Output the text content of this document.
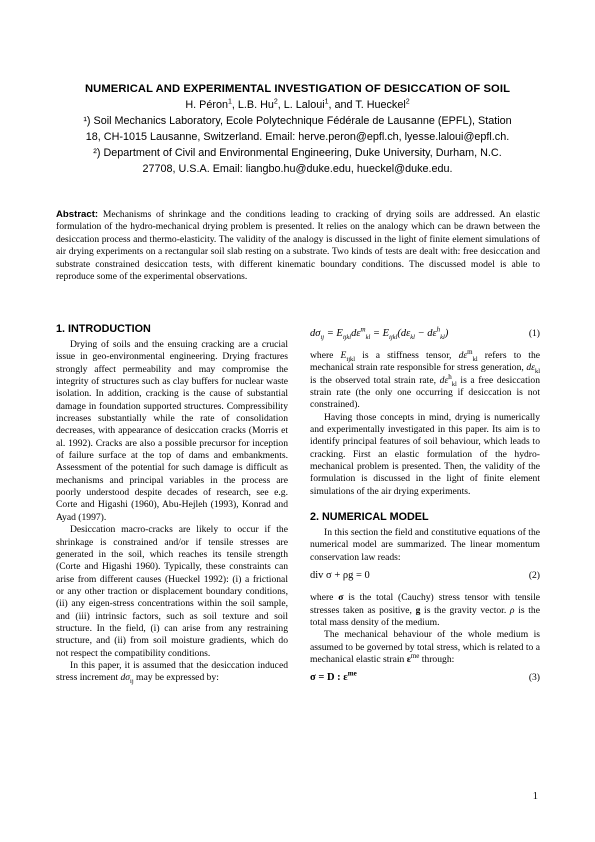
NUMERICAL AND EXPERIMENTAL INVESTIGATION OF DESICCATION OF SOIL
H. Péron$^1$, L.B. Hu$^2$, L. Laloui$^1$, and T. Hueckel$^2$
¹) Soil Mechanics Laboratory, Ecole Polytechnique Fédérale de Lausanne (EPFL), Station
18, CH-1015 Lausanne, Switzerland. Email: herve.peron@epfl.ch, lyesse.laloui@epfl.ch.
²) Department of Civil and Environmental Engineering, Duke University, Durham, N.C.
27708, U.S.A. Email: liangbo.hu@duke.edu, hueckel@duke.edu.
Abstract: Mechanisms of shrinkage and the conditions leading to cracking of drying soils are addressed. An elastic formulation of the hydro-mechanical drying problem is presented. It relies on the analogy which can be drawn between the desiccation process and thermo-elasticity. The validity of the analogy is discussed in the light of finite element simulations of air drying experiments on a rectangular soil slab resting on a substrate. Two kinds of tests are dealt with: free desiccation and substrate constrained desiccation tests, with different kinematic boundary conditions. The discussed model is able to reproduce some of the experimental observations.
1. INTRODUCTION

Drying of soils and the ensuing cracking are a crucial issue in geo-environmental engineering. Drying fractures strongly affect permeability and may compromise the integrity of structures such as clay buffers for nuclear waste isolation. In addition, cracking is the cause of substantial damage in foundation supported structures. Compressibility increases substantially while the rate of consolidation decreases, with appearance of desiccation cracks (Morris et al. 1992). Cracks are also a possible precursor for inception of failure surface at the top of dams and embankments. Assessment of the potential for such damage is difficult as mechanisms and principal variables in the process are poorly understood despite decades of research, see e.g. Corte and Higashi (1960), Abu-Hejleh (1993), Konrad and Ayad (1997).

Desiccation macro-cracks are likely to occur if the shrinkage is constrained and/or if tensile stresses are generated in the soil, which reaches its tensile strength (Corte and Higashi 1960). Typically, these constraints can arise from different causes (Hueckel 1992): (i) a frictional or any other traction or displacement boundary conditions, (ii) any eigen-stress concentrations within the soil sample, and (iii) intrinsic factors, such as soil texture and soil structure. In the field, (i) can arise from any restraining structure, and (ii) from soil moisture gradients, which do not respect the compatibility conditions.

In this paper, it is assumed that the desiccation induced stress increment $d\sigma_{ij}$ may be expressed by:

$d\sigma_{ij} = E_{ijkl}d\varepsilon^m_{kl} = E_{ijkl}(d\varepsilon_{kl} - d\varepsilon^h_{kl})$	(1)

where $E_{ijkl}$ is a stiffness tensor, $d\varepsilon^m_{kl}$ refers to the mechanical strain rate responsible for stress generation, $d\varepsilon_{kl}$ is the observed total strain rate, $d\varepsilon^h_{kl}$ is a free desiccation strain rate (the only one occurring if desiccation is not constrained).

Having those concepts in mind, drying is numerically and experimentally investigated in this paper. Its aim is to identify principal features of soil behaviour, which leads to cracking. First an elastic formulation of the hydro-mechanical problem is presented. Then, the validity of the formulation is discussed in the light of finite element simulations of the air drying experiments.

2. NUMERICAL MODEL

In this section the field and constitutive equations of the numerical model are summarized. The linear momentum conservation law reads:

div σ + ρg = 0	(2)

where σ is the total (Cauchy) stress tensor with tensile stresses taken as positive, g is the gravity vector. ρ is the total mass density of the medium.

The mechanical behaviour of the whole medium is assumed to be governed by total stress, which is related to a mechanical elastic strain $\varepsilon^{me}$ through:

σ = D : $\varepsilon^{me}$	(3)
1
